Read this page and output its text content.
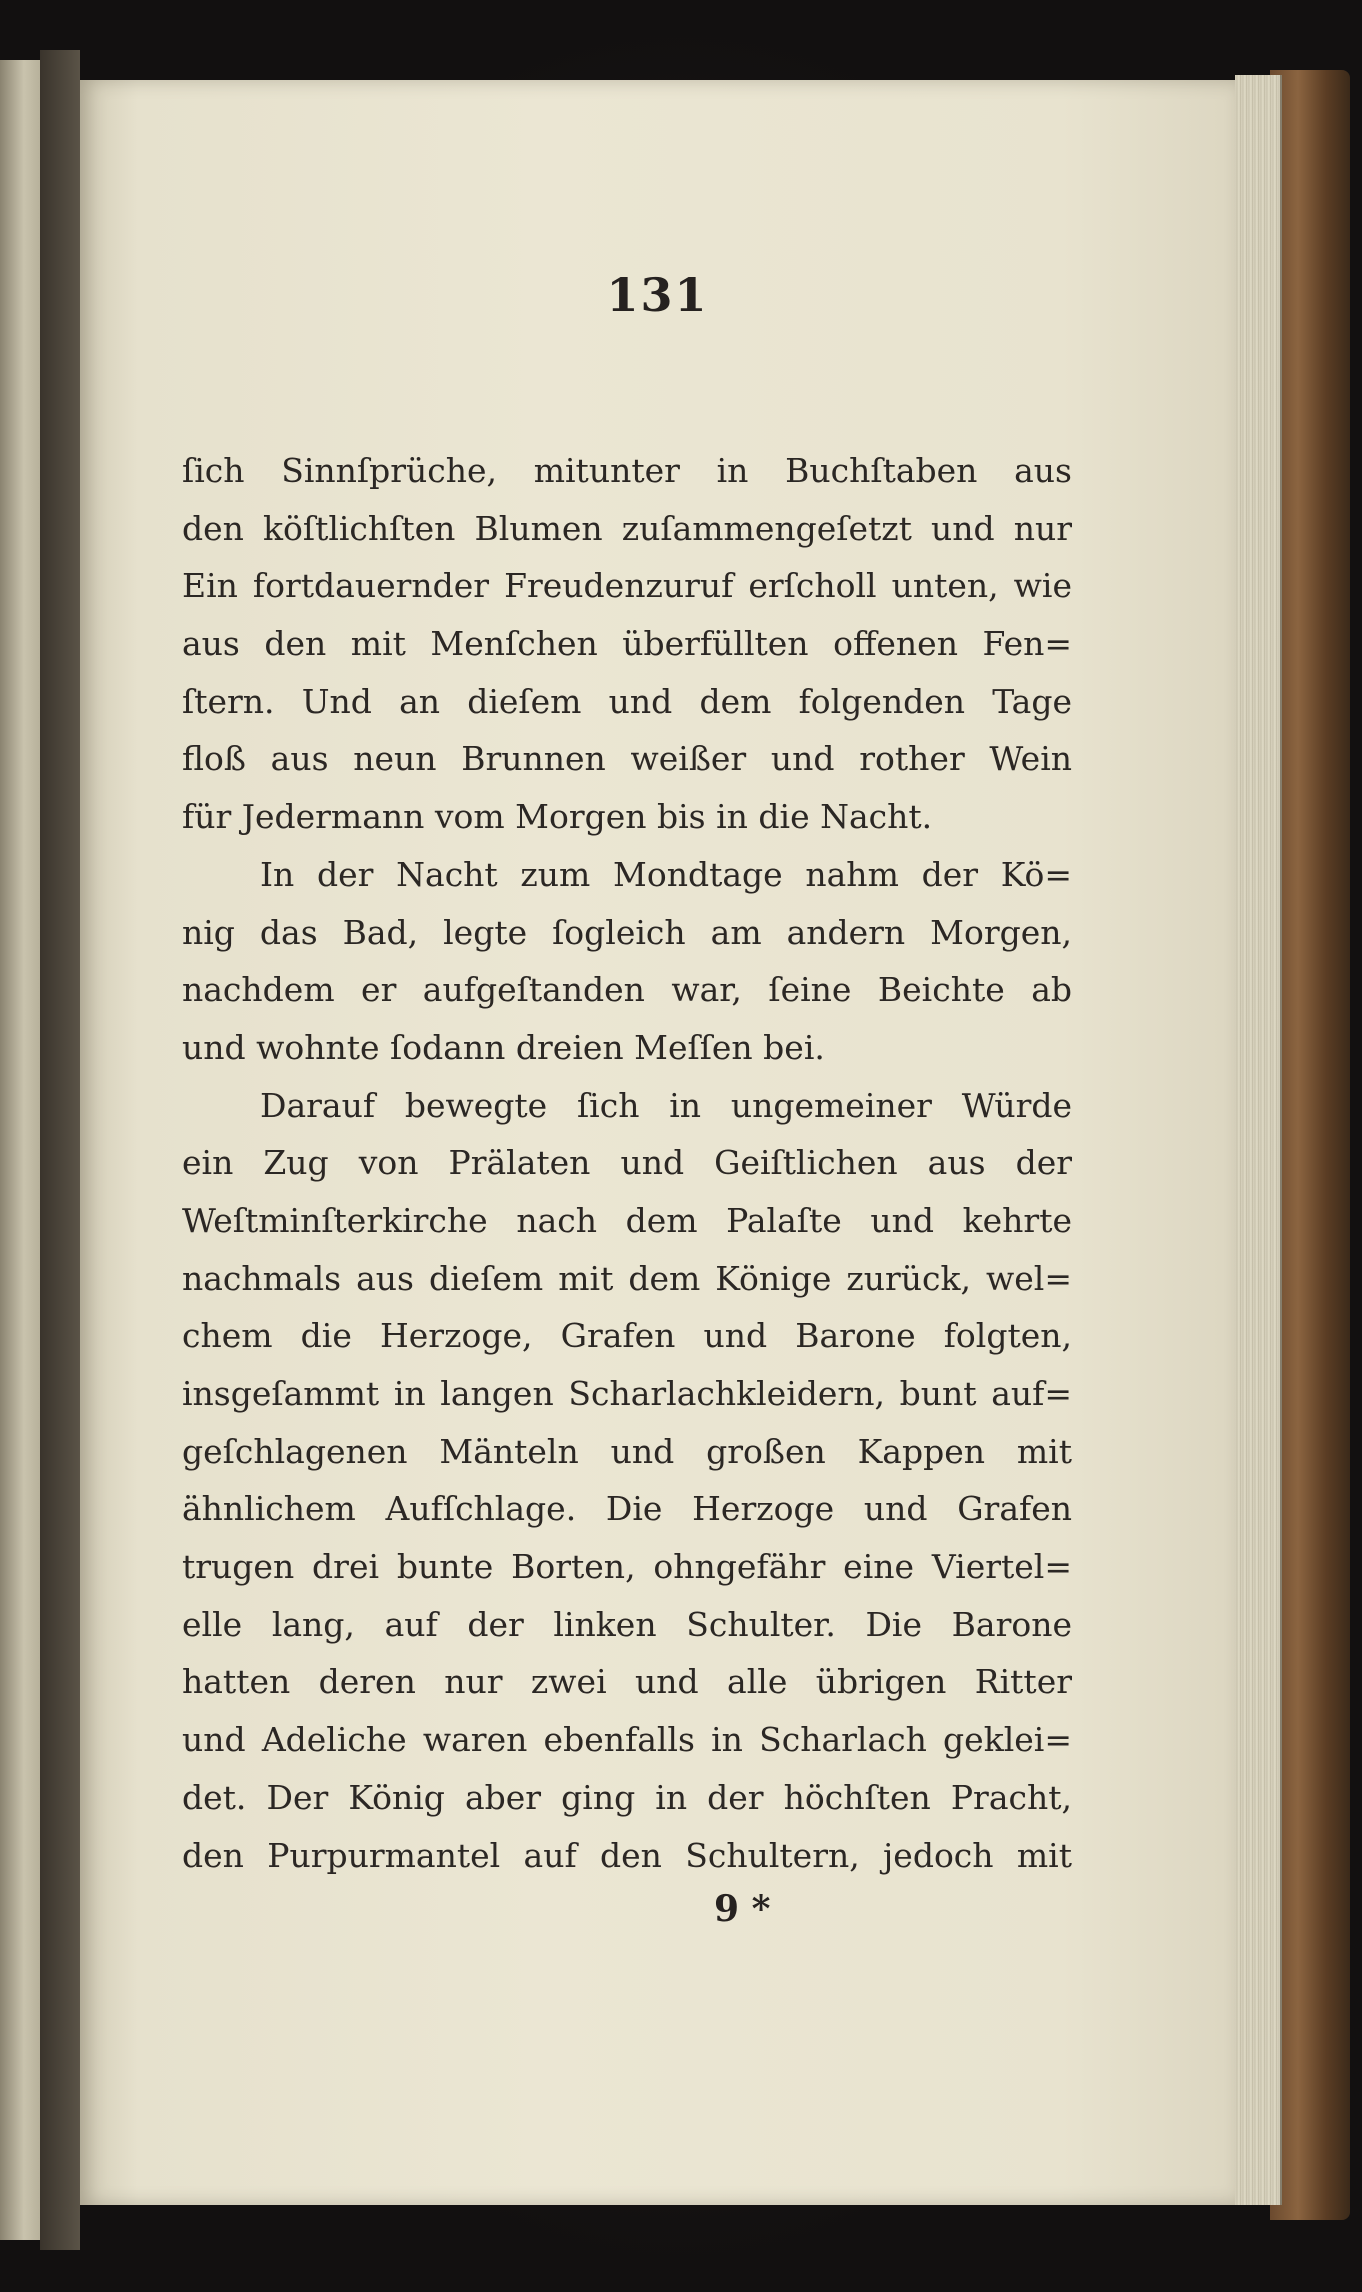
131
ſich Sinnſprüche, mitunter in Buchſtaben aus
den köſtlichſten Blumen zuſammengeſetzt und nur
Ein fortdauernder Freudenzuruf erſcholl unten, wie
aus den mit Menſchen überfüllten offenen Fen=
ſtern. Und an dieſem und dem folgenden Tage
floß aus neun Brunnen weißer und rother Wein
für Jedermann vom Morgen bis in die Nacht.
In der Nacht zum Mondtage nahm der Kö=
nig das Bad, legte ſogleich am andern Morgen,
nachdem er aufgeſtanden war, ſeine Beichte ab
und wohnte ſodann dreien Meſſen bei.
Darauf bewegte ſich in ungemeiner Würde
ein Zug von Prälaten und Geiſtlichen aus der
Weſtminſterkirche nach dem Palaſte und kehrte
nachmals aus dieſem mit dem Könige zurück, wel=
chem die Herzoge, Grafen und Barone folgten,
insgeſammt in langen Scharlachkleidern, bunt auf=
geſchlagenen Mänteln und großen Kappen mit
ähnlichem Aufſchlage. Die Herzoge und Grafen
trugen drei bunte Borten, ohngefähr eine Viertel=
elle lang, auf der linken Schulter. Die Barone
hatten deren nur zwei und alle übrigen Ritter
und Adeliche waren ebenfalls in Scharlach geklei=
det. Der König aber ging in der höchſten Pracht,
den Purpurmantel auf den Schultern, jedoch mit
9 *
